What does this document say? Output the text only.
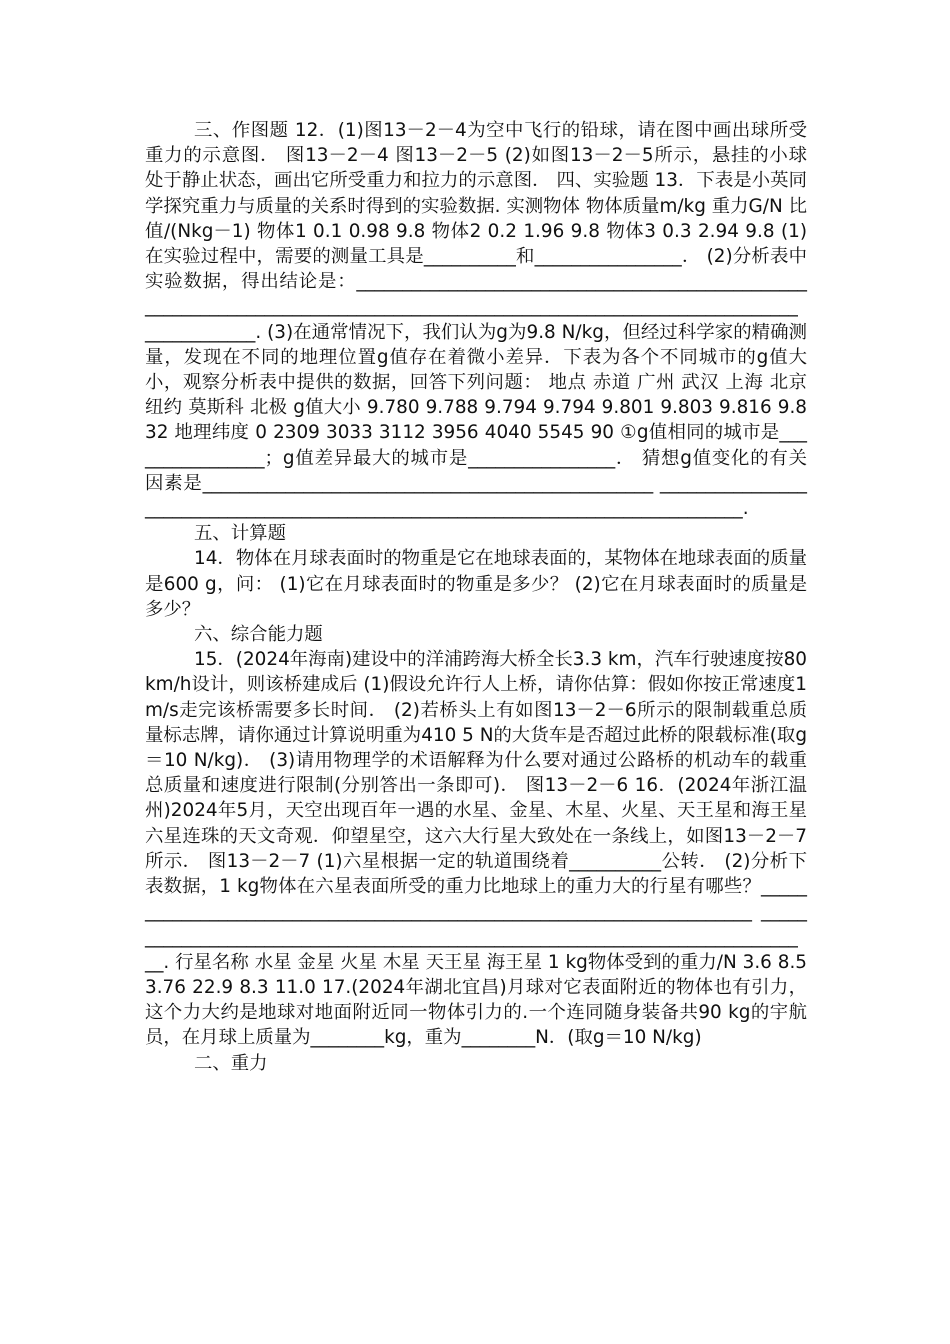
三、作图题 12．(1)图13－2－4为空中飞行的铅球，请在图中画出球所受重力的示意图． 图13－2－4 图13－2－5 (2)如图13－2－5所示，悬挂的小球处于静止状态，画出它所受重力和拉力的示意图． 四、实验题 13．下表是小英同学探究重力与质量的关系时得到的实验数据. 实测物体 物体质量m/kg 重力G/N 比值/(Nkg－1) 物体1 0.1 0.98 9.8 物体2 0.2 1.96 9.8 物体3 0.3 2.94 9.8 (1)在实验过程中，需要的测量工具是__________和________________． (2)分析表中实验数据，得出结论是：_________________________________________________ ___________________________________________________________________________________. (3)在通常情况下，我们认为g为9.8 N/kg，但经过科学家的精确测量，发现在不同的地理位置g值存在着微小差异．下表为各个不同城市的g值大小，观察分析表中提供的数据，回答下列问题： 地点 赤道 广州 武汉 上海 北京 纽约 莫斯科 北极 g值大小 9.780 9.788 9.794 9.794 9.801 9.803 9.816 9.832 地理纬度 0 2309 3033 3112 3956 4040 5545 90 ①g值相同的城市是________________；g值差异最大的城市是________________． 猜想g值变化的有关因素是_________________________________________________ _________________________________________________________________________________.

五、计算题

14．物体在月球表面时的物重是它在地球表面的，某物体在地球表面的质量是600 g，问： (1)它在月球表面时的物重是多少？ (2)它在月球表面时的质量是多少？

六、综合能力题

15．(2024年海南)建设中的洋浦跨海大桥全长3.3 km，汽车行驶速度按80 km/h设计，则该桥建成后 (1)假设允许行人上桥，请你估算：假如你按正常速度1 m/s走完该桥需要多长时间． (2)若桥头上有如图13－2－6所示的限制载重总质量标志牌，请你通过计算说明重为410 5 N的大货车是否超过此桥的限载标准(取g＝10 N/kg)． (3)请用物理学的术语解释为什么要对通过公路桥的机动车的载重总质量和速度进行限制(分别答出一条即可)． 图13－2－6 16．(2024年浙江温州)2024年5月，天空出现百年一遇的水星、金星、木星、火星、天王星和海王星六星连珠的天文奇观．仰望星空，这六大行星大致处在一条线上，如图13－2－7所示． 图13－2－7 (1)六星根据一定的轨道围绕着__________公转． (2)分析下表数据，1 kg物体在六星表面所受的重力比地球上的重力大的行星有哪些？_______________________________________________________________________ ______________________________________________________________________________. 行星名称 水星 金星 火星 木星 天王星 海王星 1 kg物体受到的重力/N 3.6 8.5 3.76 22.9 8.3 11.0 17.(2024年湖北宜昌)月球对它表面附近的物体也有引力，这个力大约是地球对地面附近同一物体引力的.一个连同随身装备共90 kg的宇航员，在月球上质量为________kg，重为________N．(取g＝10 N/kg)

二、重力
